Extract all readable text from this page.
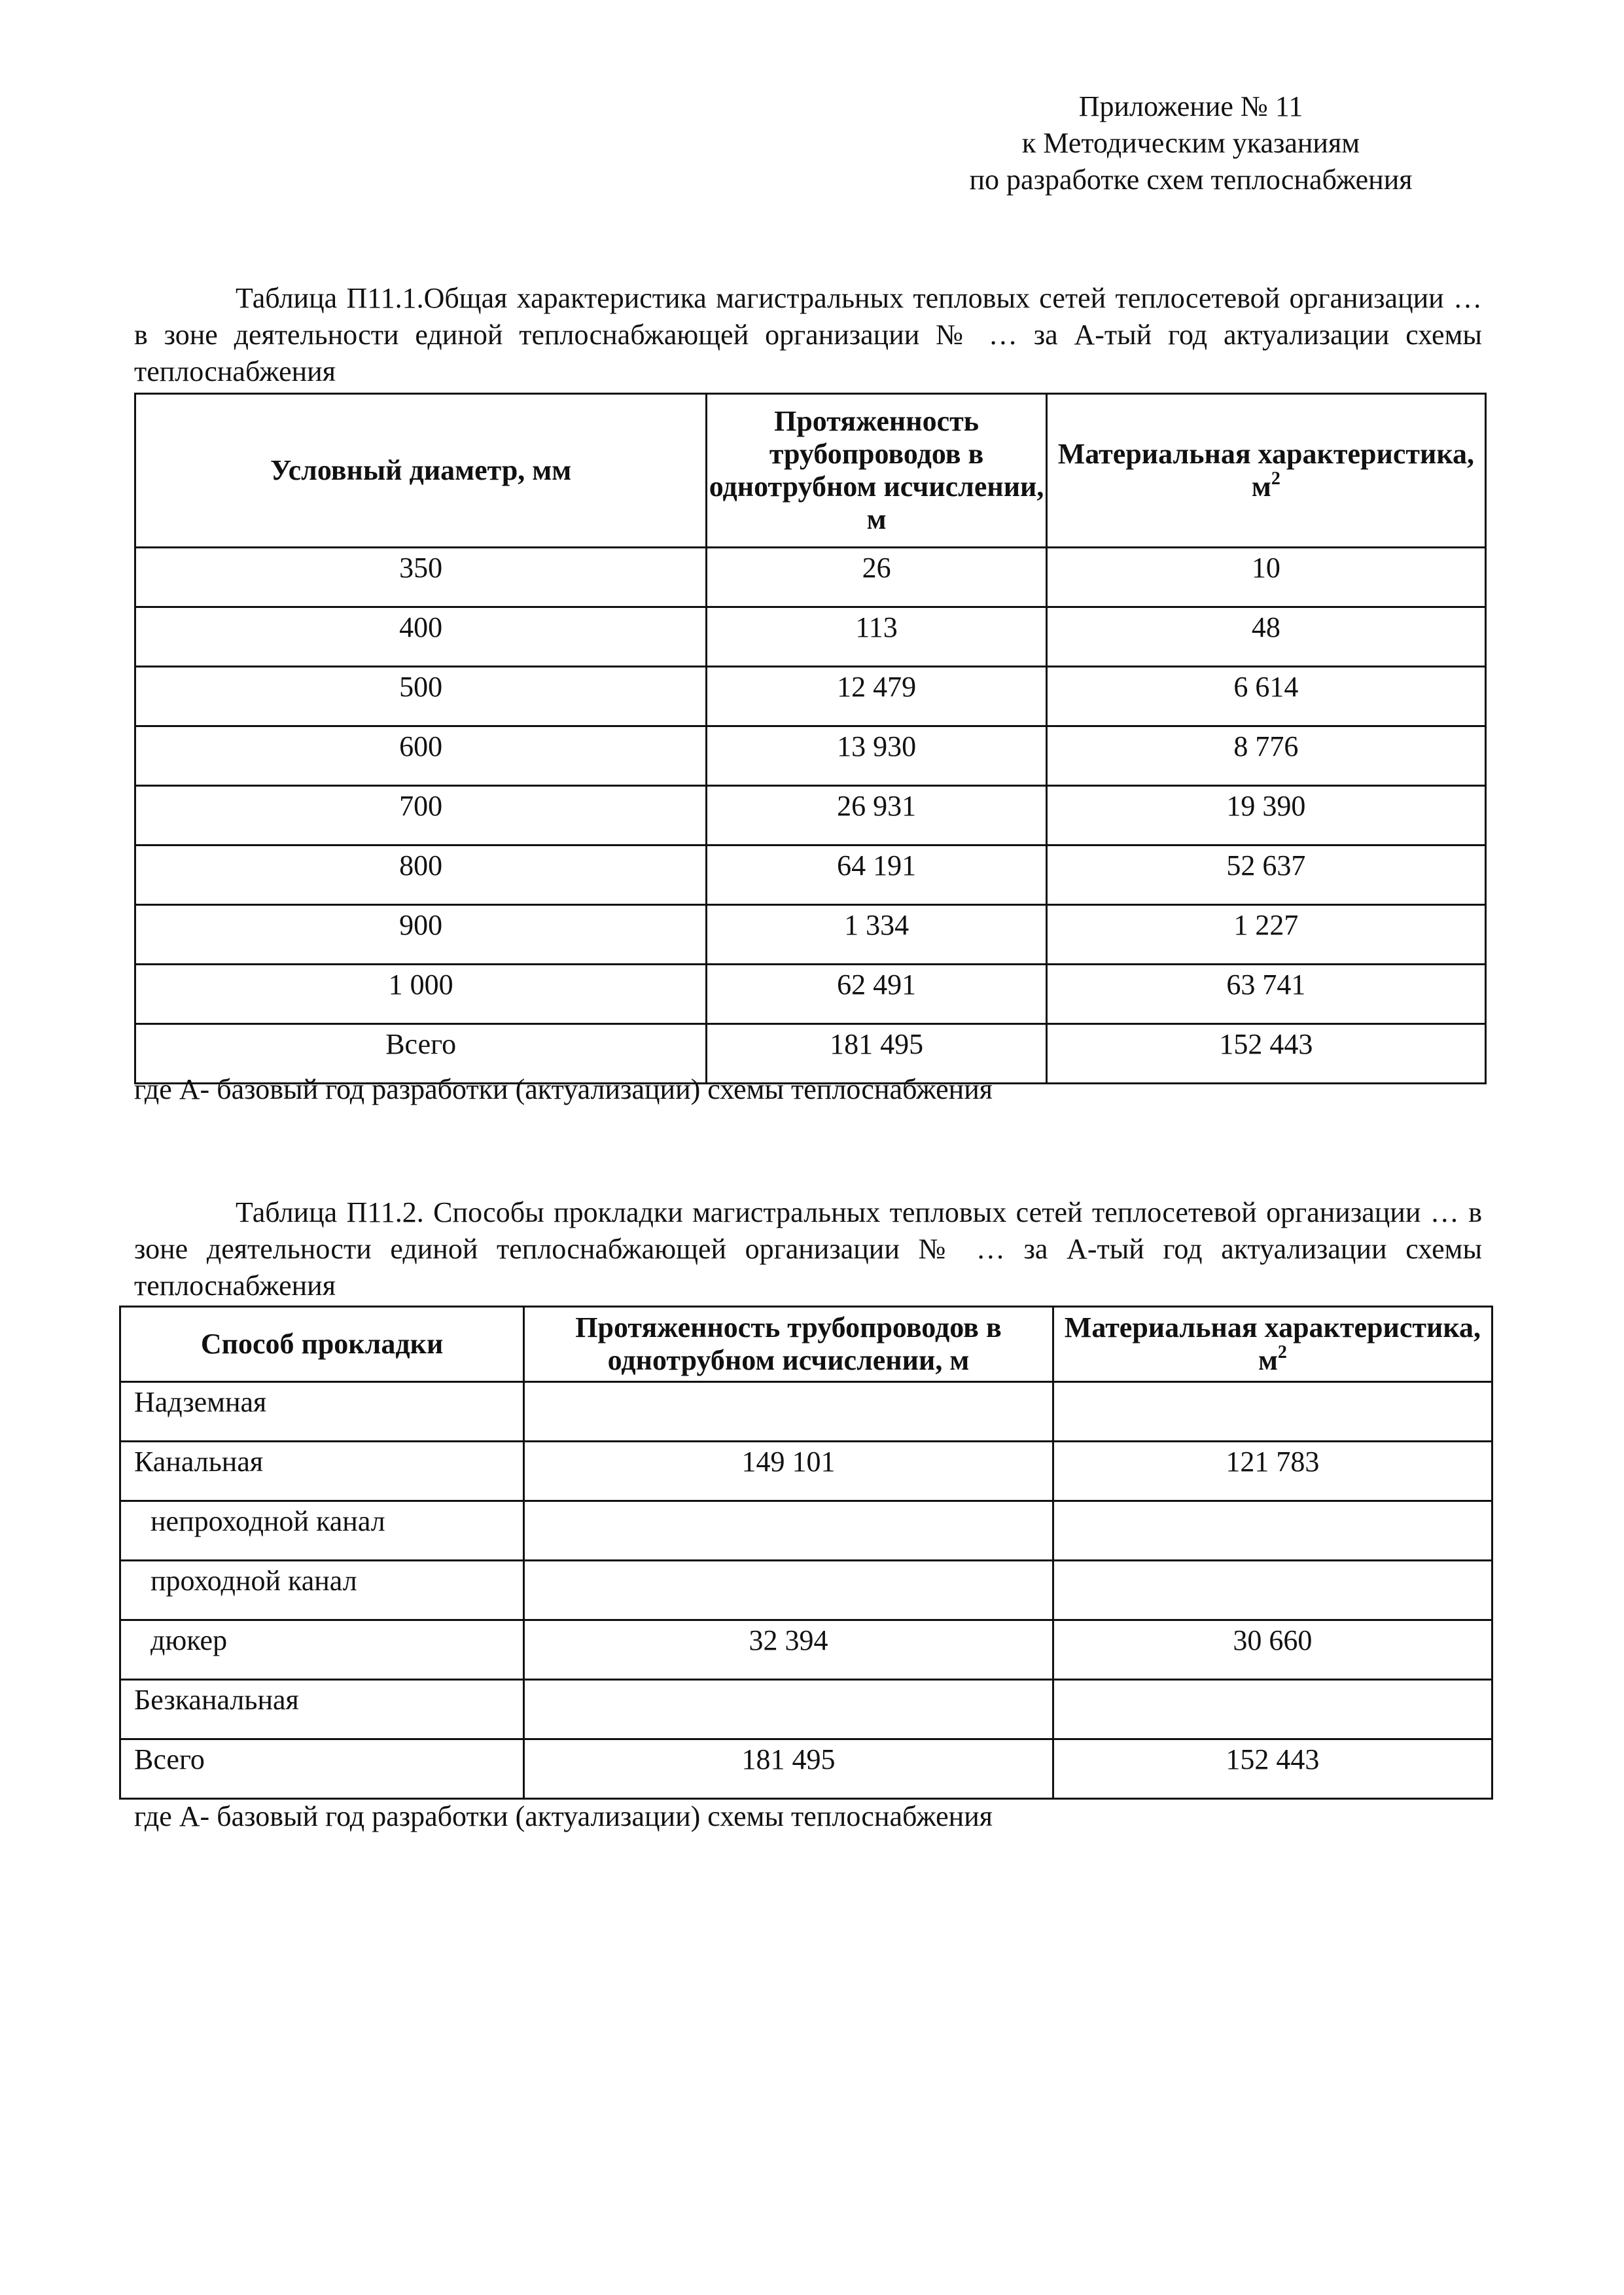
Приложение № 11
к Методическим указаниям
по разработке схем теплоснабжения
Таблица П11.1.Общая характеристика магистральных тепловых сетей теплосетевой организации … в зоне деятельности единой теплоснабжающей организации № … за А-тый год актуализации схемы теплоснабжения
Условный диаметр, мм	Протяженность трубопроводов в однотрубном исчислении, м	Материальная характеристика, $м^2$
350	26	10
400	113	48
500	12 479	6 614
600	13 930	8 776
700	26 931	19 390
800	64 191	52 637
900	1 334	1 227
1 000	62 491	63 741
Всего	181 495	152 443
где А- базовый год разработки (актуализации) схемы теплоснабжения
Таблица П11.2. Способы прокладки магистральных тепловых сетей теплосетевой организации … в зоне деятельности единой теплоснабжающей организации № … за А-тый год актуализации схемы теплоснабжения
Способ прокладки	Протяженность трубопроводов в однотрубном исчислении, м	Материальная характеристика, $м^2$
Надземная		
Канальная	149 101	121 783
непроходной канал		
проходной канал		
дюкер	32 394	30 660
Безканальная		
Всего	181 495	152 443
где А- базовый год разработки (актуализации) схемы теплоснабжения
